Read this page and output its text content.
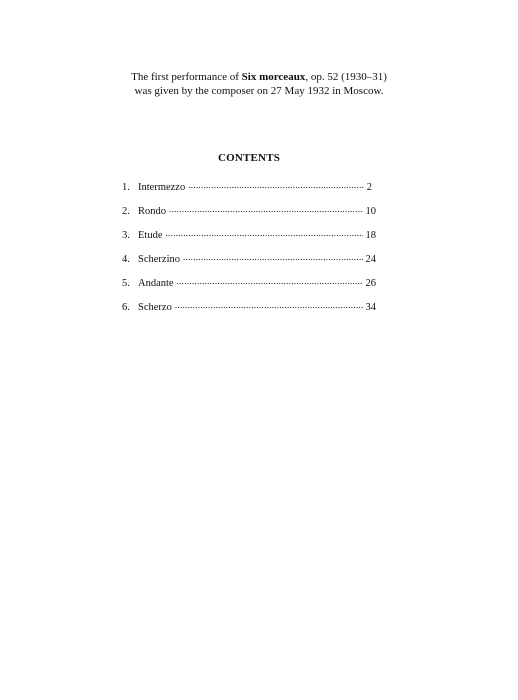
The first performance of Six morceaux, op. 52 (1930–31)
was given by the composer on 27 May 1932 in Moscow.
CONTENTS
1. Intermezzo .....	2
2. Rondo .....	10
3. Etude .....	18
4. Scherzino .....	24
5. Andante .....	26
6. Scherzo .....	34
